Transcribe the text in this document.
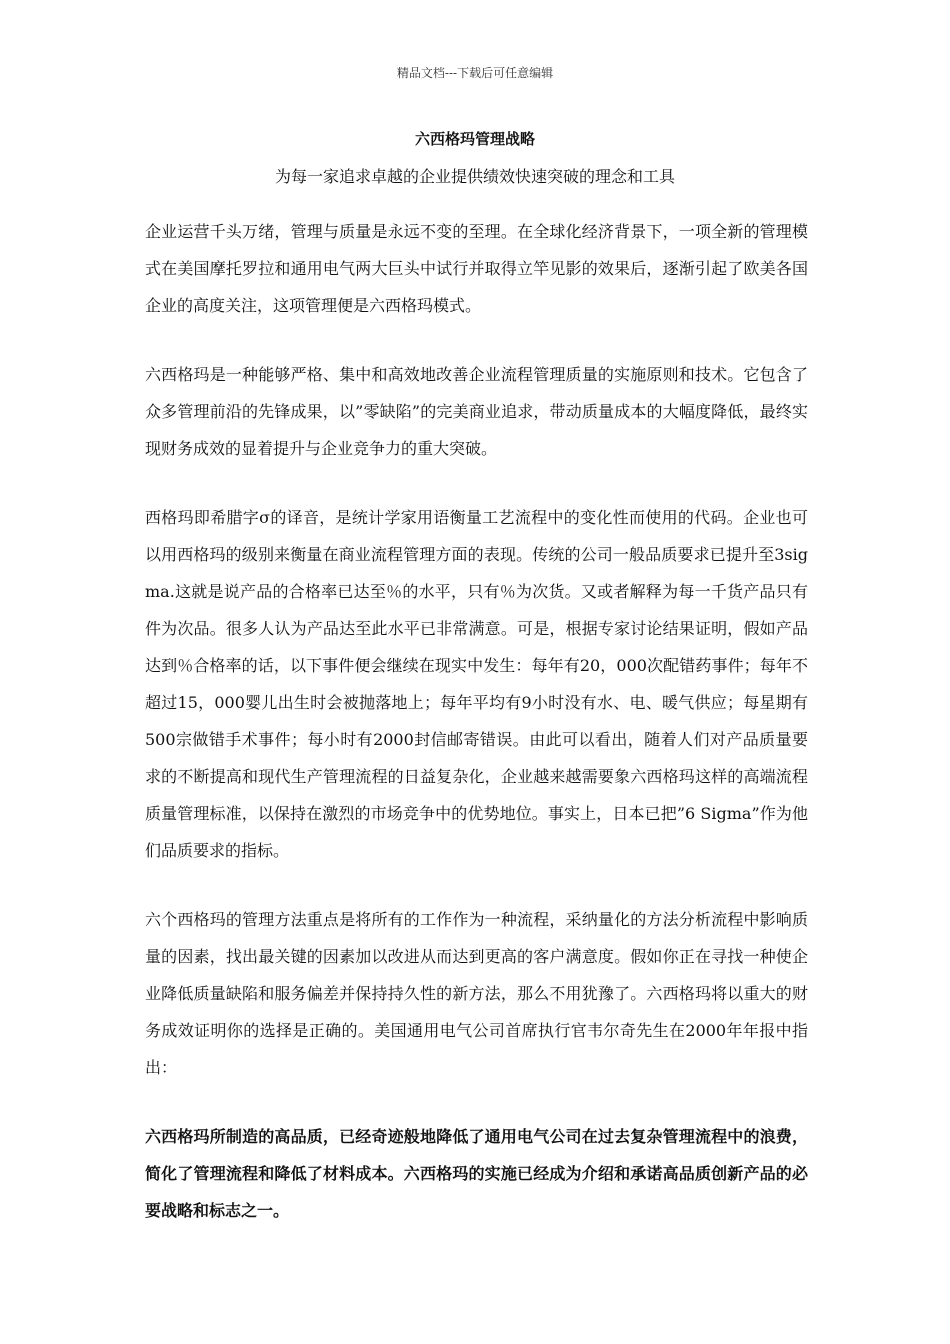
精品文档---下载后可任意编辑
六西格玛管理战略

为每一家追求卓越的企业提供绩效快速突破的理念和工具

企业运营千头万绪，管理与质量是永远不变的至理。在全球化经济背景下，一项全新的管理模式在美国摩托罗拉和通用电气两大巨头中试行并取得立竿见影的效果后，逐渐引起了欧美各国企业的高度关注，这项管理便是六西格玛模式。

六西格玛是一种能够严格、集中和高效地改善企业流程管理质量的实施原则和技术。它包含了众多管理前沿的先锋成果，以”零缺陷”的完美商业追求，带动质量成本的大幅度降低，最终实现财务成效的显着提升与企业竞争力的重大突破。

西格玛即希腊字σ的译音，是统计学家用语衡量工艺流程中的变化性而使用的代码。企业也可以用西格玛的级别来衡量在商业流程管理方面的表现。传统的公司一般品质要求已提升至3sigma.这就是说产品的合格率已达至％的水平，只有％为次货。又或者解释为每一千货产品只有件为次品。很多人认为产品达至此水平已非常满意。可是，根据专家讨论结果证明，假如产品达到％合格率的话，以下事件便会继续在现实中发生：每年有20，000次配错药事件；每年不超过15，000婴儿出生时会被抛落地上；每年平均有9小时没有水、电、暖气供应；每星期有500宗做错手术事件；每小时有2000封信邮寄错误。由此可以看出，随着人们对产品质量要求的不断提高和现代生产管理流程的日益复杂化，企业越来越需要象六西格玛这样的高端流程质量管理标准，以保持在激烈的市场竞争中的优势地位。事实上，日本已把”6 Sigma”作为他们品质要求的指标。

六个西格玛的管理方法重点是将所有的工作作为一种流程，采纳量化的方法分析流程中影响质量的因素，找出最关键的因素加以改进从而达到更高的客户满意度。假如你正在寻找一种使企业降低质量缺陷和服务偏差并保持持久性的新方法，那么不用犹豫了。六西格玛将以重大的财务成效证明你的选择是正确的。美国通用电气公司首席执行官韦尔奇先生在2000年年报中指出：

六西格玛所制造的高品质，已经奇迹般地降低了通用电气公司在过去复杂管理流程中的浪费，简化了管理流程和降低了材料成本。六西格玛的实施已经成为介绍和承诺高品质创新产品的必要战略和标志之一。
